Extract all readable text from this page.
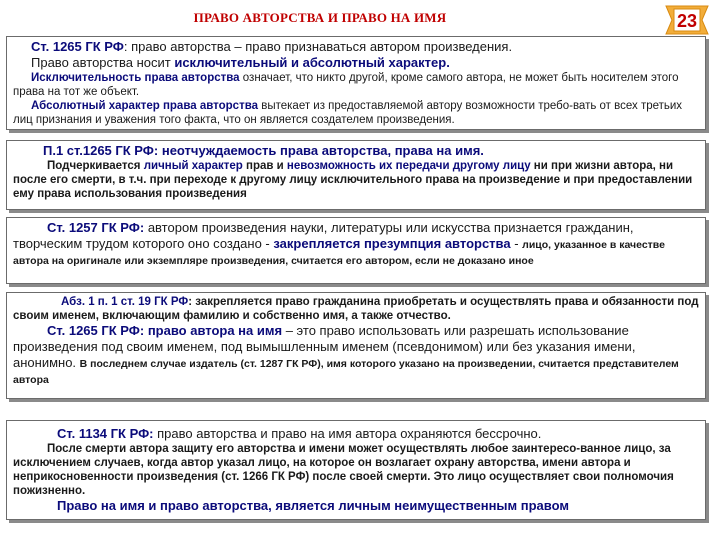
ПРАВО АВТОРСТВА И ПРАВО НА ИМЯ	23

Ст. 1265 ГК РФ: право авторства – право признаваться автором произведения.

Право авторства носит исключительный и абсолютный характер.

Исключительность права авторства означает, что никто другой, кроме самого автора, не может быть носителем этого права на тот же объект.

Абсолютный характер права авторства вытекает из предоставляемой автору возможности требо-вать от всех третьих лиц признания и уважения того факта, что он является создателем произведения.

П.1 ст.1265 ГК РФ: неотчуждаемость права авторства, права на имя.

Подчеркивается личный характер прав и невозможность их передачи другому лицу ни при жизни автора, ни после его смерти, в т.ч. при переходе к другому лицу исключительного права на произведение и при предоставлении ему права использования произведения

Ст. 1257 ГК РФ: автором произведения науки, литературы или искусства признается гражданин, творческим трудом которого оно создано - закрепляется презумпция авторства - лицо, указанное в качестве автора на оригинале или экземпляре произведения, считается его автором, если не доказано иное

Абз. 1 п. 1 ст. 19 ГК РФ: закрепляется право гражданина приобретать и осуществлять права и обязанности под своим именем, включающим фамилию и собственно имя, а также отчество.

Ст. 1265 ГК РФ: право автора на имя – это право использовать или разрешать использование произведения под своим именем, под вымышленным именем (псевдонимом) или без указания имени, анонимно. В последнем случае издатель (ст. 1287 ГК РФ), имя которого указано на произведении, считается представителем автора

Ст. 1134 ГК РФ: право авторства и право на имя автора охраняются бессрочно.

После смерти автора защиту его авторства и имени может осуществлять любое заинтересо-ванное лицо, за исключением случаев, когда автор указал лицо, на которое он возлагает охрану авторства, имени автора и неприкосновенности произведения (ст. 1266 ГК РФ) после своей смерти. Это лицо осуществляет свои полномочия пожизненно.

Право на имя и право авторства, является личным неимущественным правом
